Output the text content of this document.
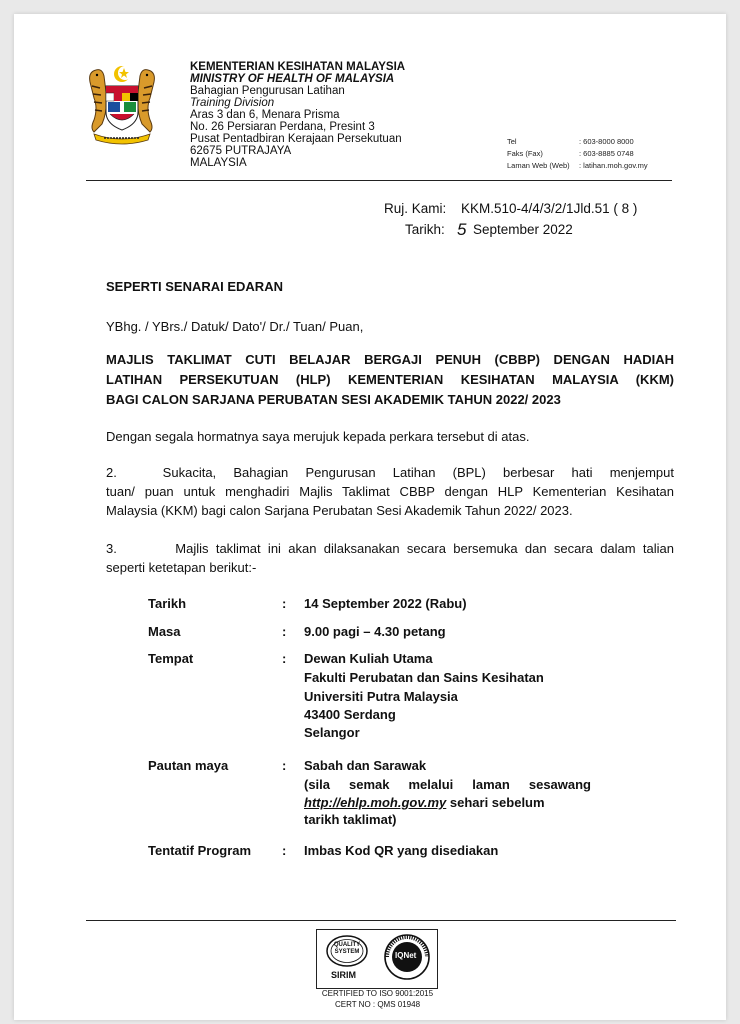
KEMENTERIAN KESIHATAN MALAYSIA
MINISTRY OF HEALTH OF MALAYSIA
Bahagian Pengurusan Latihan
Training Division
Aras 3 dan 6, Menara Prisma
No. 26 Persiaran Perdana, Presint 3
Pusat Pentadbiran Kerajaan Persekutuan
62675 PUTRAJAYA
MALAYSIA
Tel	: 603-8000 8000
Faks (Fax)	: 603-8885 0748
Laman Web (Web) : latihan.moh.gov.my
Ruj. Kami: KKM.510-4/4/3/2/1Jld.51 ( 8 )
Tarikh: 5 September 2022
SEPERTI SENARAI EDARAN
YBhg. / YBrs./ Datuk/ Dato'/ Dr./ Tuan/ Puan,
MAJLIS TAKLIMAT CUTI BELAJAR BERGAJI PENUH (CBBP) DENGAN HADIAH
LATIHAN PERSEKUTUAN (HLP) KEMENTERIAN KESIHATAN MALAYSIA (KKM)
BAGI CALON SARJANA PERUBATAN SESI AKADEMIK TAHUN 2022/ 2023
Dengan segala hormatnya saya merujuk kepada perkara tersebut di atas.
2.        Sukacita,   Bahagian   Pengurusan   Latihan   (BPL)   berbesar   hati   menjemput
tuan/ puan untuk menghadiri Majlis Taklimat CBBP dengan HLP Kementerian Kesihatan
Malaysia (KKM) bagi calon Sarjana Perubatan Sesi Akademik Tahun 2022/ 2023.
3.        Majlis taklimat ini akan dilaksanakan secara bersemuka dan secara dalam talian
seperti ketetapan berikut:-
Tarikh	: 14 September 2022 (Rabu)
Masa	: 9.00 pagi – 4.30 petang
Tempat	: Dewan Kuliah Utama
Fakulti Perubatan dan Sains Kesihatan
Universiti Putra Malaysia
43400 Serdang
Selangor
Pautan maya	: Sabah dan Sarawak
(sila semak melalui laman sesawang
http://ehlp.moh.gov.my sehari sebelum
tarikh taklimat)
Tentatif Program : Imbas Kod QR yang disediakan
QUALITY SYSTEM	IQNet
SIRIM
CERTIFIED TO ISO 9001:2015
CERT NO : QMS 01948
